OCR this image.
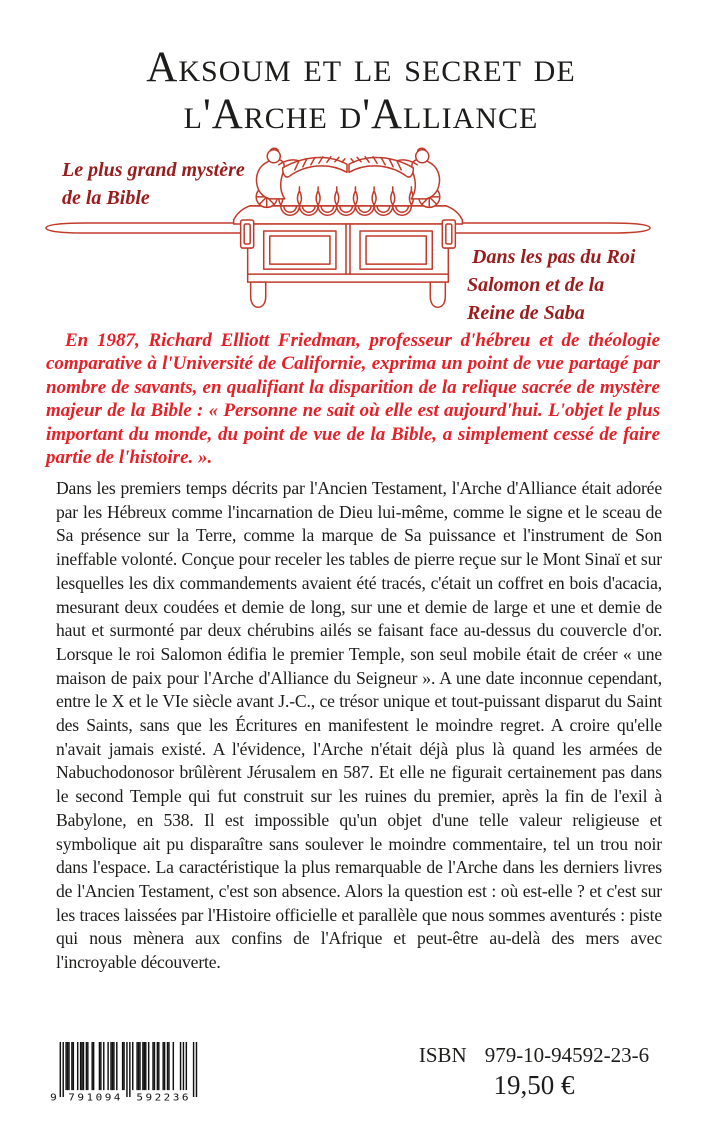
Aksoum et le secret de
l'Arche d'Alliance
Le plus grand mystère
de la Bible
Dans les pas du Roi
Salomon et de la
Reine de Saba

En 1987, Richard Elliott Friedman, professeur d'hébreu et de théologie comparative à l'Université de Californie, exprima un point de vue partagé par nombre de savants, en qualifiant la disparition de la relique sacrée de mystère majeur de la Bible : « Personne ne sait où elle est aujourd'hui. L'objet le plus important du monde, du point de vue de la Bible, a simplement cessé de faire partie de l'histoire. ».

Dans les premiers temps décrits par l'Ancien Testament, l'Arche d'Alliance était adorée par les Hébreux comme l'incarnation de Dieu lui-même, comme le signe et le sceau de Sa présence sur la Terre, comme la marque de Sa puissance et l'instrument de Son ineffable volonté. Conçue pour receler les tables de pierre reçue sur le Mont Sinaï et sur lesquelles les dix commandements avaient été tracés, c'était un coffret en bois d'acacia, mesurant deux coudées et demie de long, sur une et demie de large et une et demie de haut et surmonté par deux chérubins ailés se faisant face au-dessus du couvercle d'or. Lorsque le roi Salomon édifia le premier Temple, son seul mobile était de créer « une maison de paix pour l'Arche d'Alliance du Seigneur ». A une date inconnue cependant, entre le X et le VIe siècle avant J.-C., ce trésor unique et tout-puissant disparut du Saint des Saints, sans que les Écritures en manifestent le moindre regret. A croire qu'elle n'avait jamais existé. A l'évidence, l'Arche n'était déjà plus là quand les armées de Nabuchodonosor brûlèrent Jérusalem en 587. Et elle ne figurait certainement pas dans le second Temple qui fut construit sur les ruines du premier, après la fin de l'exil à Babylone, en 538. Il est impossible qu'un objet d'une telle valeur religieuse et symbolique ait pu disparaître sans soulever le moindre commentaire, tel un trou noir dans l'espace. La caractéristique la plus remarquable de l'Arche dans les derniers livres de l'Ancien Testament, c'est son absence. Alors la question est : où est-elle ? et c'est sur les traces laissées par l'Histoire officielle et parallèle que nous sommes aventurés : piste qui nous mènera aux confins de l'Afrique et peut-être au-delà des mers avec l'incroyable découverte.

9 791094 592236
ISBN 979-10-94592-23-6
19,50 €
